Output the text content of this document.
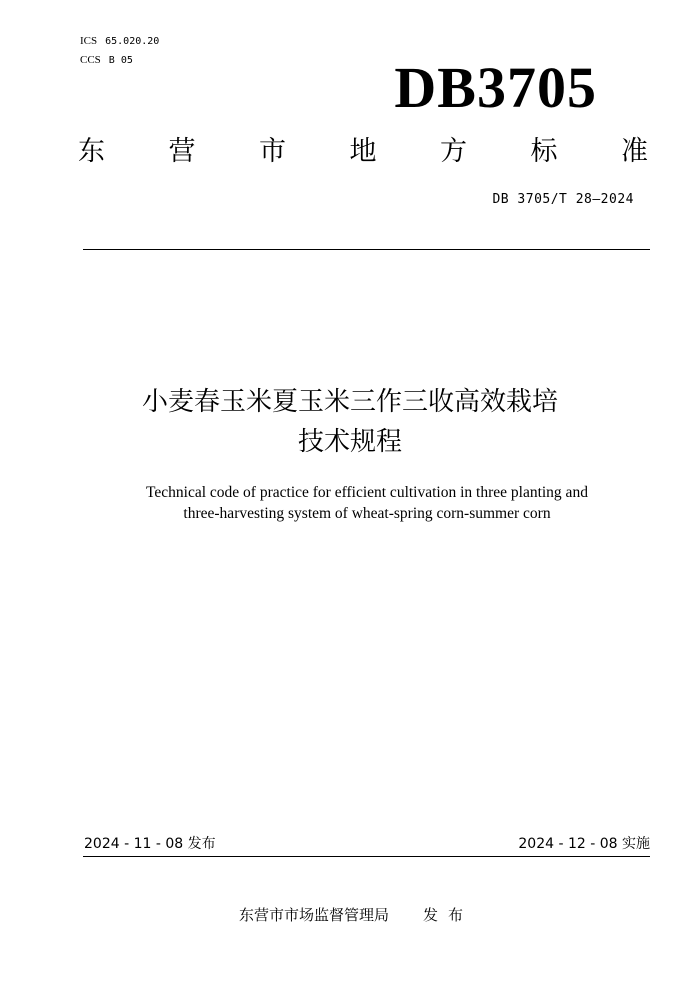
ICS 65.020.20
CCS B 05	DB3705
东 营 市 地 方 标 准
DB 3705/T 28—2024
小麦春玉米夏玉米三作三收高效栽培
技术规程
Technical code of practice for efficient cultivation in three planting and
three-harvesting system of wheat-spring corn-summer corn
2024 - 11 - 08 发布	2024 - 12 - 08 实施
东营市市场监督管理局 发布
